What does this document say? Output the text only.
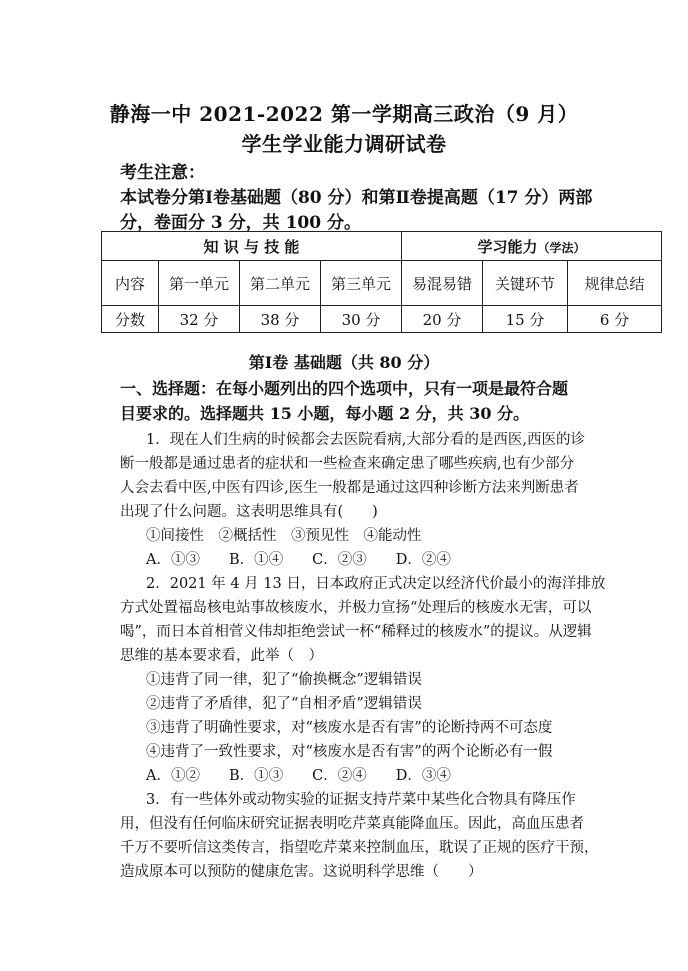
静海一中 2021-2022 第一学期高三政治（9 月）
学生学业能力调研试卷
考生注意：
本试卷分第Ⅰ卷基础题（80 分）和第Ⅱ卷提高题（17 分）两部
分，卷面分 3 分，共 100 分。
知 识 与 技 能				学习能力（学法）		
内容	第一单元	第二单元	第三单元	易混易错	关键环节	规律总结
分数	32 分	38 分	30 分	20 分	15 分	6 分
第Ⅰ卷 基础题（共 80 分）
一、选择题：在每小题列出的四个选项中，只有一项是最符合题
目要求的。选择题共 15 小题，每小题 2 分，共 30 分。
1．现在人们生病的时候都会去医院看病,大部分看的是西医,西医的诊
断一般都是通过患者的症状和一些检查来确定患了哪些疾病,也有少部分
人会去看中医,中医有四诊,医生一般都是通过这四种诊断方法来判断患者
出现了什么问题。这表明思维具有(　　)
①间接性　②概括性　③预见性　④能动性
A．①③　　B．①④　　C．②③　　D．②④
2．2021 年 4 月 13 日，日本政府正式决定以经济代价最小的海洋排放
方式处置福岛核电站事故核废水，并极力宣扬“处理后的核废水无害，可以
喝”，而日本首相菅义伟却拒绝尝试一杯“稀释过的核废水”的提议。从逻辑
思维的基本要求看，此举（　）
①违背了同一律，犯了“偷换概念”逻辑错误
②违背了矛盾律，犯了“自相矛盾”逻辑错误
③违背了明确性要求，对“核废水是否有害”的论断持两不可态度
④违背了一致性要求，对“核废水是否有害”的两个论断必有一假
A．①②　　B．①③　　C．②④　　D．③④
3．有一些体外或动物实验的证据支持芹菜中某些化合物具有降压作
用，但没有任何临床研究证据表明吃芹菜真能降血压。因此，高血压患者
千万不要听信这类传言，指望吃芹菜来控制血压，耽误了正规的医疗干预，
造成原本可以预防的健康危害。这说明科学思维（　　）
